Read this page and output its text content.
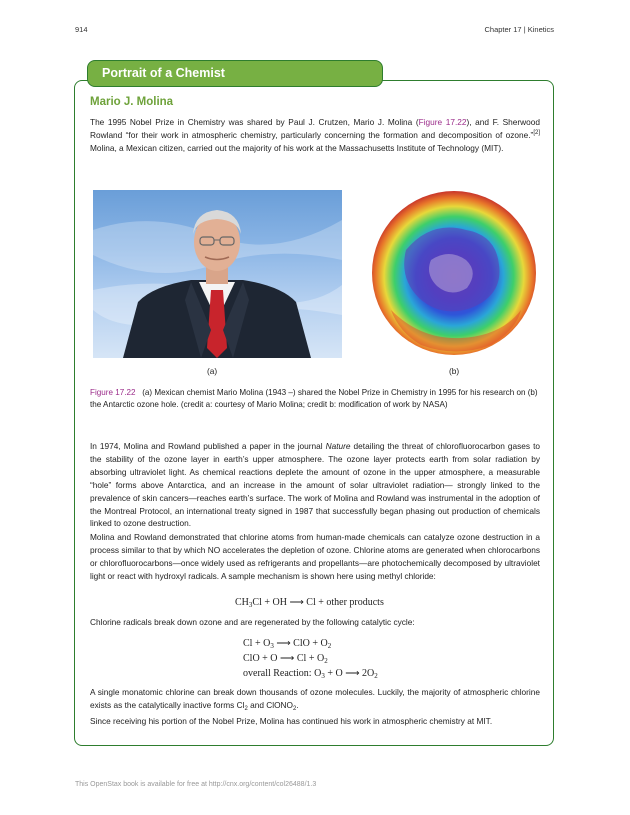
914	Chapter 17 | Kinetics
Portrait of a Chemist
Mario J. Molina

The 1995 Nobel Prize in Chemistry was shared by Paul J. Crutzen, Mario J. Molina (Figure 17.22), and F. Sherwood Rowland “for their work in atmospheric chemistry, particularly concerning the formation and decomposition of ozone.”[2] Molina, a Mexican citizen, carried out the majority of his work at the Massachusetts Institute of Technology (MIT).

(a)	(b)
Figure 17.22 (a) Mexican chemist Mario Molina (1943 –) shared the Nobel Prize in Chemistry in 1995 for his research on (b) the Antarctic ozone hole. (credit a: courtesy of Mario Molina; credit b: modification of work by NASA)

In 1974, Molina and Rowland published a paper in the journal Nature detailing the threat of chlorofluorocarbon gases to the stability of the ozone layer in earth’s upper atmosphere. The ozone layer protects earth from solar radiation by absorbing ultraviolet light. As chemical reactions deplete the amount of ozone in the upper atmosphere, a measurable “hole” forms above Antarctica, and an increase in the amount of solar ultraviolet radiation— strongly linked to the prevalence of skin cancers—reaches earth’s surface. The work of Molina and Rowland was instrumental in the adoption of the Montreal Protocol, an international treaty signed in 1987 that successfully began phasing out production of chemicals linked to ozone destruction.

Molina and Rowland demonstrated that chlorine atoms from human-made chemicals can catalyze ozone destruction in a process similar to that by which NO accelerates the depletion of ozone. Chlorine atoms are generated when chlorocarbons or chlorofluorocarbons—once widely used as refrigerants and propellants—are photochemically decomposed by ultraviolet light or react with hydroxyl radicals. A sample mechanism is shown here using methyl chloride:

$CH_3Cl$ + OH ⟶ Cl + other products

Chlorine radicals break down ozone and are regenerated by the following catalytic cycle:

$Cl + O_3$ ⟶ ClO + $O_2$
ClO + O ⟶ $Cl + O_2$
overall Reaction: $O_3 + O$ ⟶ $2O_2$

A single monatomic chlorine can break down thousands of ozone molecules. Luckily, the majority of atmospheric chlorine exists as the catalytically inactive forms $Cl_2$ and ClONO$_2$.

Since receiving his portion of the Nobel Prize, Molina has continued his work in atmospheric chemistry at MIT.

This OpenStax book is available for free at http://cnx.org/content/col26488/1.3
